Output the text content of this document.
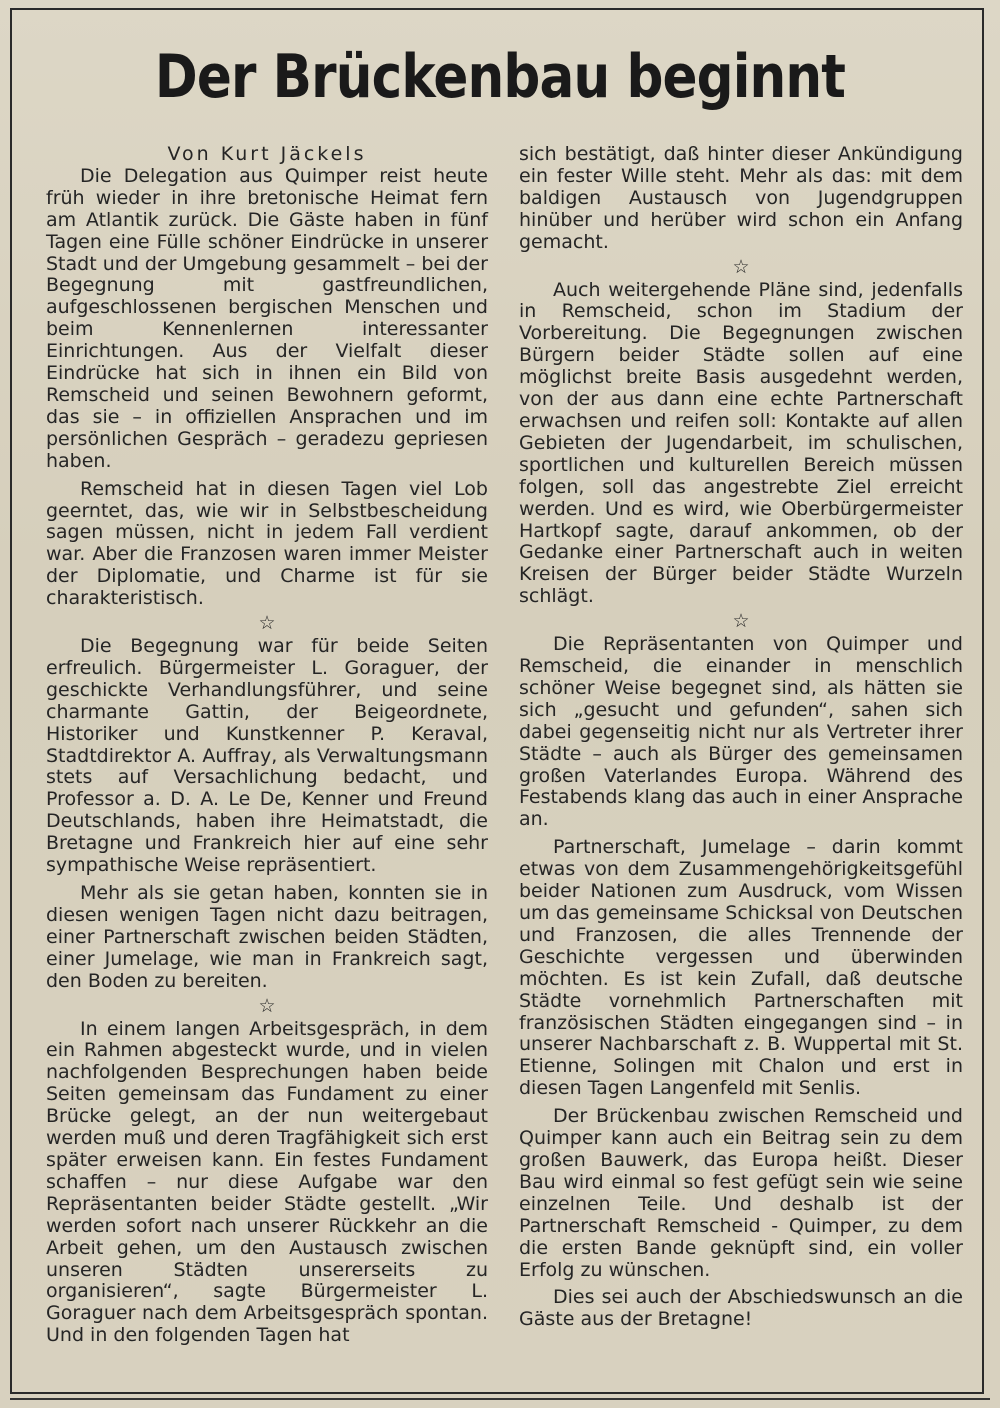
Der Brückenbau beginnt
Von Kurt Jäckels

Die Delegation aus Quimper reist heute früh wieder in ihre bretonische Heimat fern am Atlantik zurück. Die Gäste haben in fünf Tagen eine Fülle schöner Eindrücke in unserer Stadt und der Umgebung gesammelt – bei der Begegnung mit gastfreundlichen, aufgeschlossenen bergischen Menschen und beim Kennenlernen interessanter Einrichtungen. Aus der Vielfalt dieser Eindrücke hat sich in ihnen ein Bild von Remscheid und seinen Bewohnern geformt, das sie – in offiziellen Ansprachen und im persönlichen Gespräch – geradezu gepriesen haben.

Remscheid hat in diesen Tagen viel Lob geerntet, das, wie wir in Selbstbescheidung sagen müssen, nicht in jedem Fall verdient war. Aber die Franzosen waren immer Meister der Diplomatie, und Charme ist für sie charakteristisch.

☆

Die Begegnung war für beide Seiten erfreulich. Bürgermeister L. Goraguer, der geschickte Verhandlungsführer, und seine charmante Gattin, der Beigeordnete, Historiker und Kunstkenner P. Keraval, Stadtdirektor A. Auffray, als Verwaltungsmann stets auf Versachlichung bedacht, und Professor a. D. A. Le De, Kenner und Freund Deutschlands, haben ihre Heimatstadt, die Bretagne und Frankreich hier auf eine sehr sympathische Weise repräsentiert.

Mehr als sie getan haben, konnten sie in diesen wenigen Tagen nicht dazu beitragen, einer Partnerschaft zwischen beiden Städten, einer Jumelage, wie man in Frankreich sagt, den Boden zu bereiten.

☆

In einem langen Arbeitsgespräch, in dem ein Rahmen abgesteckt wurde, und in vielen nachfolgenden Besprechungen haben beide Seiten gemeinsam das Fundament zu einer Brücke gelegt, an der nun weitergebaut werden muß und deren Tragfähigkeit sich erst später erweisen kann. Ein festes Fundament schaffen – nur diese Aufgabe war den Repräsentanten beider Städte gestellt. „Wir werden sofort nach unserer Rückkehr an die Arbeit gehen, um den Austausch zwischen unseren Städten unsererseits zu organisieren“, sagte Bürgermeister L. Goraguer nach dem Arbeitsgespräch spontan. Und in den folgenden Tagen hat

sich bestätigt, daß hinter dieser Ankündigung ein fester Wille steht. Mehr als das: mit dem baldigen Austausch von Jugendgruppen hinüber und herüber wird schon ein Anfang gemacht.

☆

Auch weitergehende Pläne sind, jedenfalls in Remscheid, schon im Stadium der Vorbereitung. Die Begegnungen zwischen Bürgern beider Städte sollen auf eine möglichst breite Basis ausgedehnt werden, von der aus dann eine echte Partnerschaft erwachsen und reifen soll: Kontakte auf allen Gebieten der Jugendarbeit, im schulischen, sportlichen und kulturellen Bereich müssen folgen, soll das angestrebte Ziel erreicht werden. Und es wird, wie Oberbürgermeister Hartkopf sagte, darauf ankommen, ob der Gedanke einer Partnerschaft auch in weiten Kreisen der Bürger beider Städte Wurzeln schlägt.

☆

Die Repräsentanten von Quimper und Remscheid, die einander in menschlich schöner Weise begegnet sind, als hätten sie sich „gesucht und gefunden“, sahen sich dabei gegenseitig nicht nur als Vertreter ihrer Städte – auch als Bürger des gemeinsamen großen Vaterlandes Europa. Während des Festabends klang das auch in einer Ansprache an.

Partnerschaft, Jumelage – darin kommt etwas von dem Zusammengehörigkeitsgefühl beider Nationen zum Ausdruck, vom Wissen um das gemeinsame Schicksal von Deutschen und Franzosen, die alles Trennende der Geschichte vergessen und überwinden möchten. Es ist kein Zufall, daß deutsche Städte vornehmlich Partnerschaften mit französischen Städten eingegangen sind – in unserer Nachbarschaft z. B. Wuppertal mit St. Etienne, Solingen mit Chalon und erst in diesen Tagen Langenfeld mit Senlis.

Der Brückenbau zwischen Remscheid und Quimper kann auch ein Beitrag sein zu dem großen Bauwerk, das Europa heißt. Dieser Bau wird einmal so fest gefügt sein wie seine einzelnen Teile. Und deshalb ist der Partnerschaft Remscheid - Quimper, zu dem die ersten Bande geknüpft sind, ein voller Erfolg zu wünschen.

Dies sei auch der Abschiedswunsch an die Gäste aus der Bretagne!
